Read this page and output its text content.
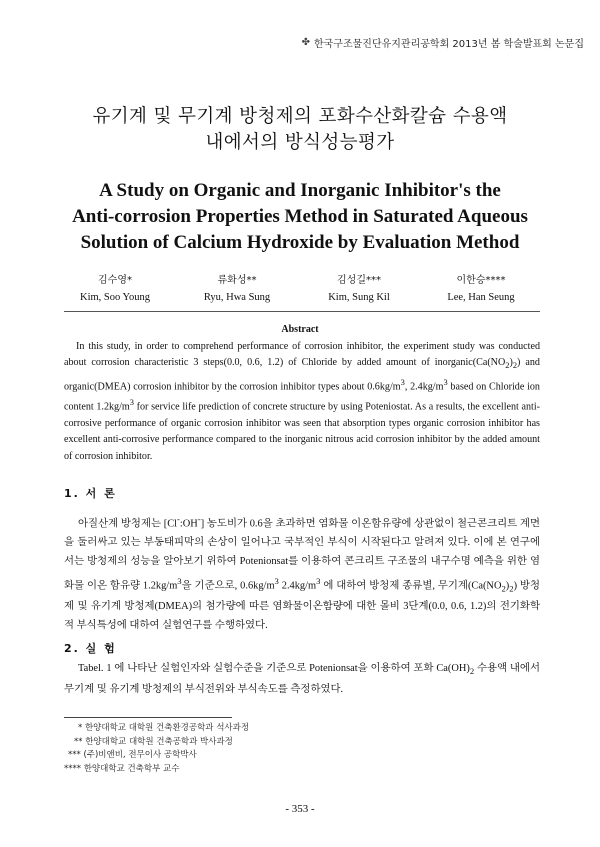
✤ 한국구조물진단유지관리공학회 2013년 봄 학술발표회 논문집
유기계 및 무기계 방청제의 포화수산화칼슘 수용액
내에서의 방식성능평가
A Study on Organic and Inorganic Inhibitor's the
Anti-corrosion Properties Method in Saturated Aqueous
Solution of Calcium Hydroxide by Evaluation Method
김수영*
Kim, Soo Young
류화성**
Ryu, Hwa Sung
김성길***
Kim, Sung Kil
이한승****
Lee, Han Seung
Abstract

In this study, in order to comprehend performance of corrosion inhibitor, the experiment study was conducted about corrosion characteristic 3 steps(0.0, 0.6, 1.2) of Chloride by added amount of $inorganic(Ca(NO_2)_2)$ and organic(DMEA) corrosion inhibitor by the corrosion inhibitor types about $0.6kg/m^3$, $2.4kg/m^3$ based on Chloride ion content $1.2kg/m^3$ for service life prediction of concrete structure by using Poteniostat. As a results, the excellent anti-corrosive performance of organic corrosion inhibitor was seen that absorption types organic corrosion inhibitor has excellent anti-corrosive performance compared to the inorganic nitrous acid corrosion inhibitor by the added amount of corrosion inhibitor.

1. 서 론

아질산계 방청제는 [Cl-:OH-] 농도비가 0.6을 초과하면 염화물 이온함유량에 상관없이 철근콘크리트 계면을 둘러싸고 있는 부동태피막의 손상이 일어나고 국부적인 부식이 시작된다고 알려져 있다. 이에 본 연구에서는 방청제의 성능을 알아보기 위하여 Potenionsat를 이용하여 콘크리트 구조물의 내구수명 예측을 위한 염화물 이온 함유량 $1.2kg/m^3$을 기준으로, $0.6kg/m^3$ $2.4kg/m^3$ 에 대하여 방청제 종류별, 무기계$(Ca(NO_2)_2)$ 방청제 및 유기계 방청제(DMEA)의 첨가량에 따른 염화물이온함량에 대한 몰비 3단계(0.0, 0.6, 1.2)의 전기화학적 부식특성에 대하여 실험연구를 수행하였다.

2. 실 험

Tabel. 1 에 나타난 실험인자와 실험수준을 기준으로 Potenionsat을 이용하여 포화 $Ca(OH)_2$ 수용액 내에서 무기계 및 유기계 방청제의 부식전위와 부식속도를 측정하였다.

* 한양대학교 대학원 건축환경공학과 석사과정
** 한양대학교 대학원 건축공학과 박사과정
*** (주)비앤비, 전무이사 공학박사
**** 한양대학교 건축학부 교수
- 353 -
